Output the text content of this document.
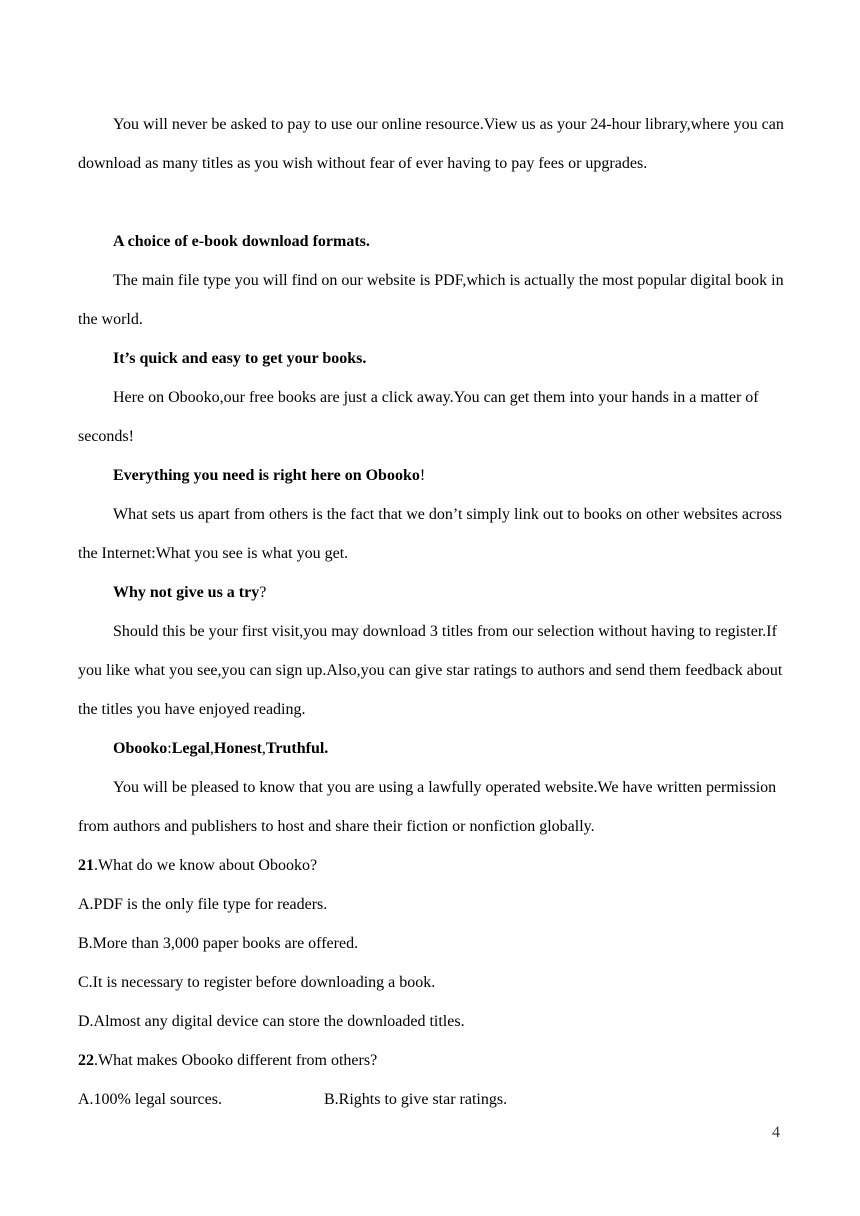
You will never be asked to pay to use our online resource.View us as your 24-hour library,where you can download as many titles as you wish without fear of ever having to pay fees or upgrades.

A choice of e-book download formats.

The main file type you will find on our website is PDF,which is actually the most popular digital book in the world.

It’s quick and easy to get your books.

Here on Obooko,our free books are just a click away.You can get them into your hands in a matter of seconds!

Everything you need is right here on Obooko!

What sets us apart from others is the fact that we don’t simply link out to books on other websites across the Internet:What you see is what you get.

Why not give us a try?

Should this be your first visit,you may download 3 titles from our selection without having to register.If you like what you see,you can sign up.Also,you can give star ratings to authors and send them feedback about the titles you have enjoyed reading.

Obooko:Legal,Honest,Truthful.

You will be pleased to know that you are using a lawfully operated website.We have written permission from authors and publishers to host and share their fiction or nonfiction globally.

21.What do we know about Obooko?

A.PDF is the only file type for readers.

B.More than 3,000 paper books are offered.

C.It is necessary to register before downloading a book.

D.Almost any digital device can store the downloaded titles.

22.What makes Obooko different from others?

A.100% legal sources.	B.Rights to give star ratings.

4
